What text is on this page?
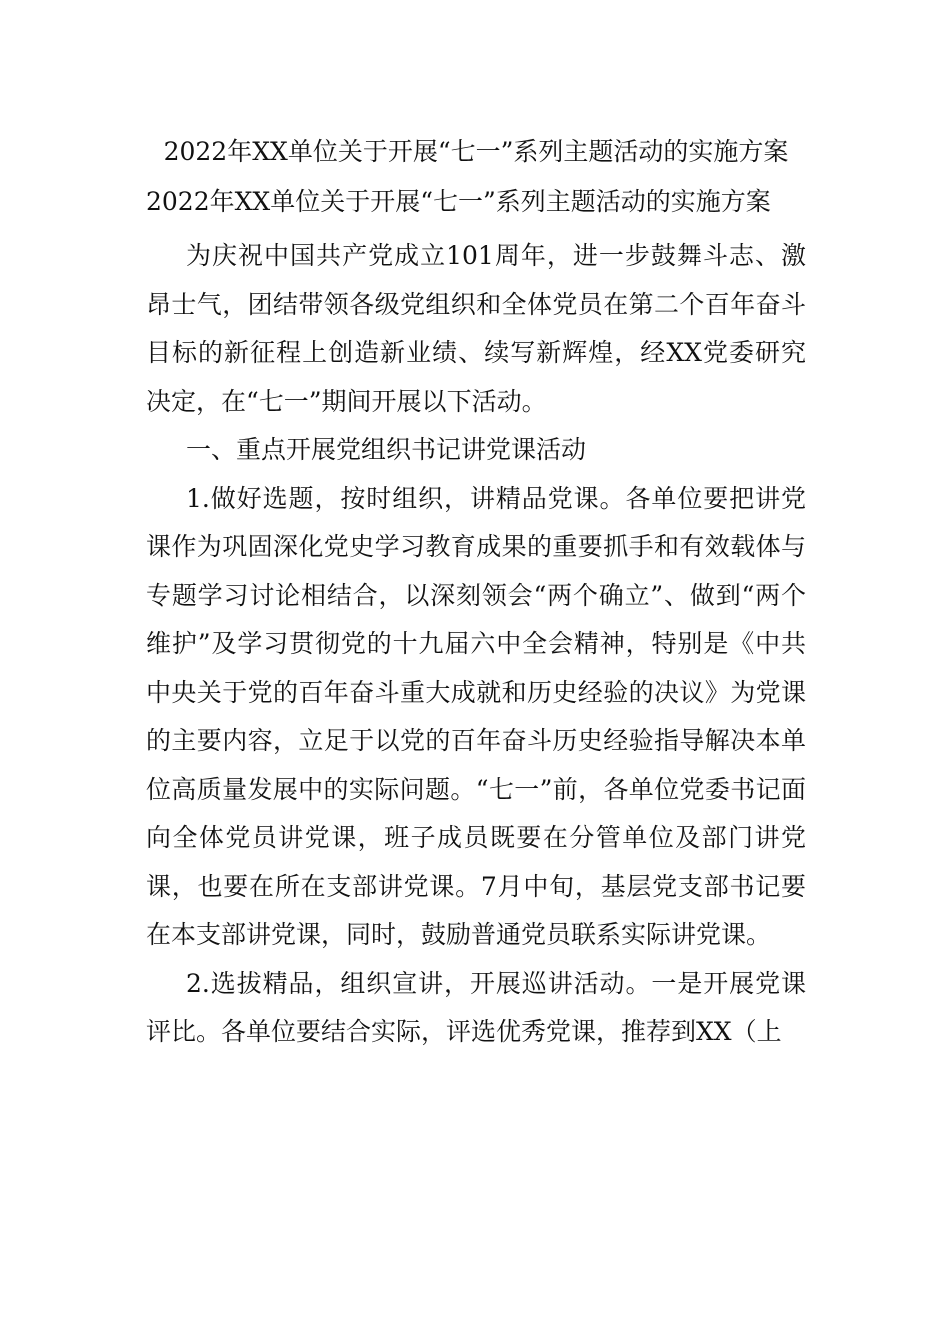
2022年XX单位关于开展“七一”系列主题活动的实施方案

2022年XX单位关于开展“七一”系列主题活动的实施方案

为庆祝中国共产党成立101周年，进一步鼓舞斗志、激昂士气，团结带领各级党组织和全体党员在第二个百年奋斗目标的新征程上创造新业绩、续写新辉煌，经XX党委研究决定，在“七一”期间开展以下活动。

一、重点开展党组织书记讲党课活动

1.做好选题，按时组织，讲精品党课。各单位要把讲党课作为巩固深化党史学习教育成果的重要抓手和有效载体与专题学习讨论相结合，以深刻领会“两个确立”、做到“两个维护”及学习贯彻党的十九届六中全会精神，特别是《中共中央关于党的百年奋斗重大成就和历史经验的决议》为党课的主要内容，立足于以党的百年奋斗历史经验指导解决本单位高质量发展中的实际问题。“七一”前，各单位党委书记面向全体党员讲党课，班子成员既要在分管单位及部门讲党课，也要在所在支部讲党课。7月中旬，基层党支部书记要在本支部讲党课，同时，鼓励普通党员联系实际讲党课。

2.选拔精品，组织宣讲，开展巡讲活动。一是开展党课评比。各单位要结合实际，评选优秀党课，推荐到XX（上
